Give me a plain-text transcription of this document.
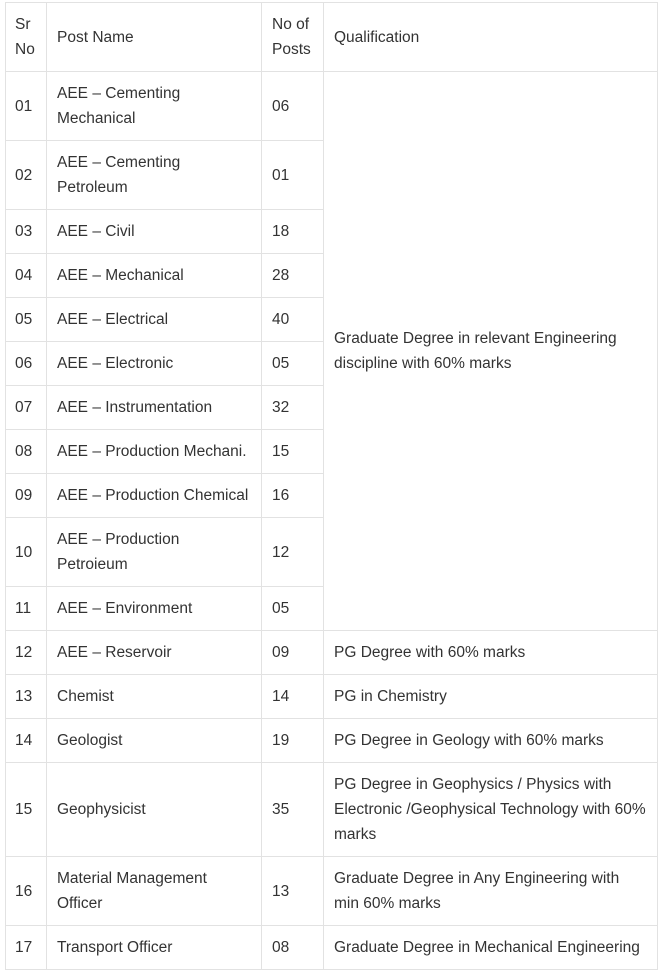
Sr No	Post Name	No of Posts	Qualification
01	AEE – Cementing Mechanical	06	Graduate Degree in relevant Engineering discipline with 60% marks
02	AEE – Cementing Petroleum	01	
03	AEE – Civil	18	
04	AEE – Mechanical	28	
05	AEE – Electrical	40	
06	AEE – Electronic	05	
07	AEE – Instrumentation	32	
08	AEE – Production Mechani.	15	
09	AEE – Production Chemical	16	
10	AEE – Production Petroieum	12	
11	AEE – Environment	05	
12	AEE – Reservoir	09	PG Degree with 60% marks
13	Chemist	14	PG in Chemistry
14	Geologist	19	PG Degree in Geology with 60% marks
15	Geophysicist	35	PG Degree in Geophysics / Physics with Electronic /Geophysical Technology with 60% marks
16	Material Management Officer	13	Graduate Degree in Any Engineering with min 60% marks
17	Transport Officer	08	Graduate Degree in Mechanical Engineering
